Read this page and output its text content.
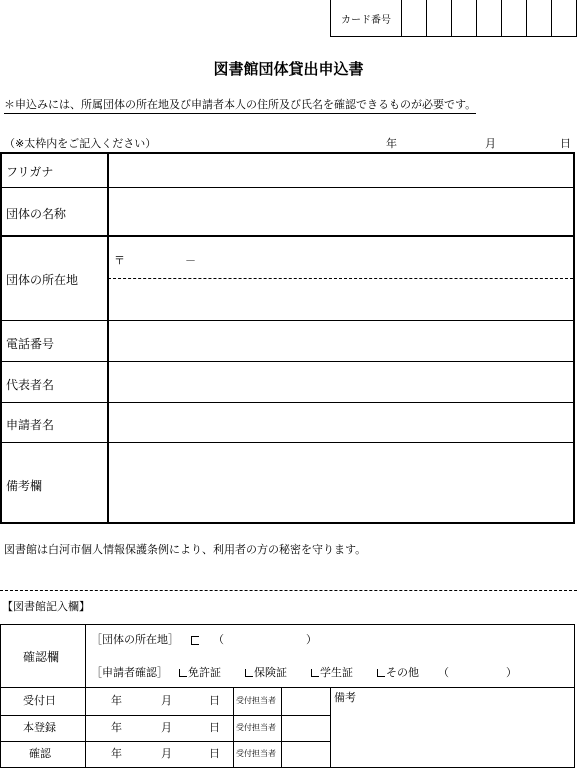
カード番号
図書館団体貸出申込書
＊申込みには、所属団体の所在地及び申請者本人の住所及び氏名を確認できるものが必要です。
（※太枠内をご記入ください）	年	月	日
フリガナ
団体の名称
団体の所在地
〒	－
電話番号
代表者名
申請者名
備考欄
図書館は白河市個人情報保護条例により、利用者の方の秘密を守ります。
【図書館記入欄】
確認欄
［団体の所在地］	（	）
［申請者確認］	免許証	保険証	学生証	その他 （	）
受付日	年	月	日 受付担当者
本登録	年	月	日 受付担当者
確認	年	月	日 受付担当者
備考
